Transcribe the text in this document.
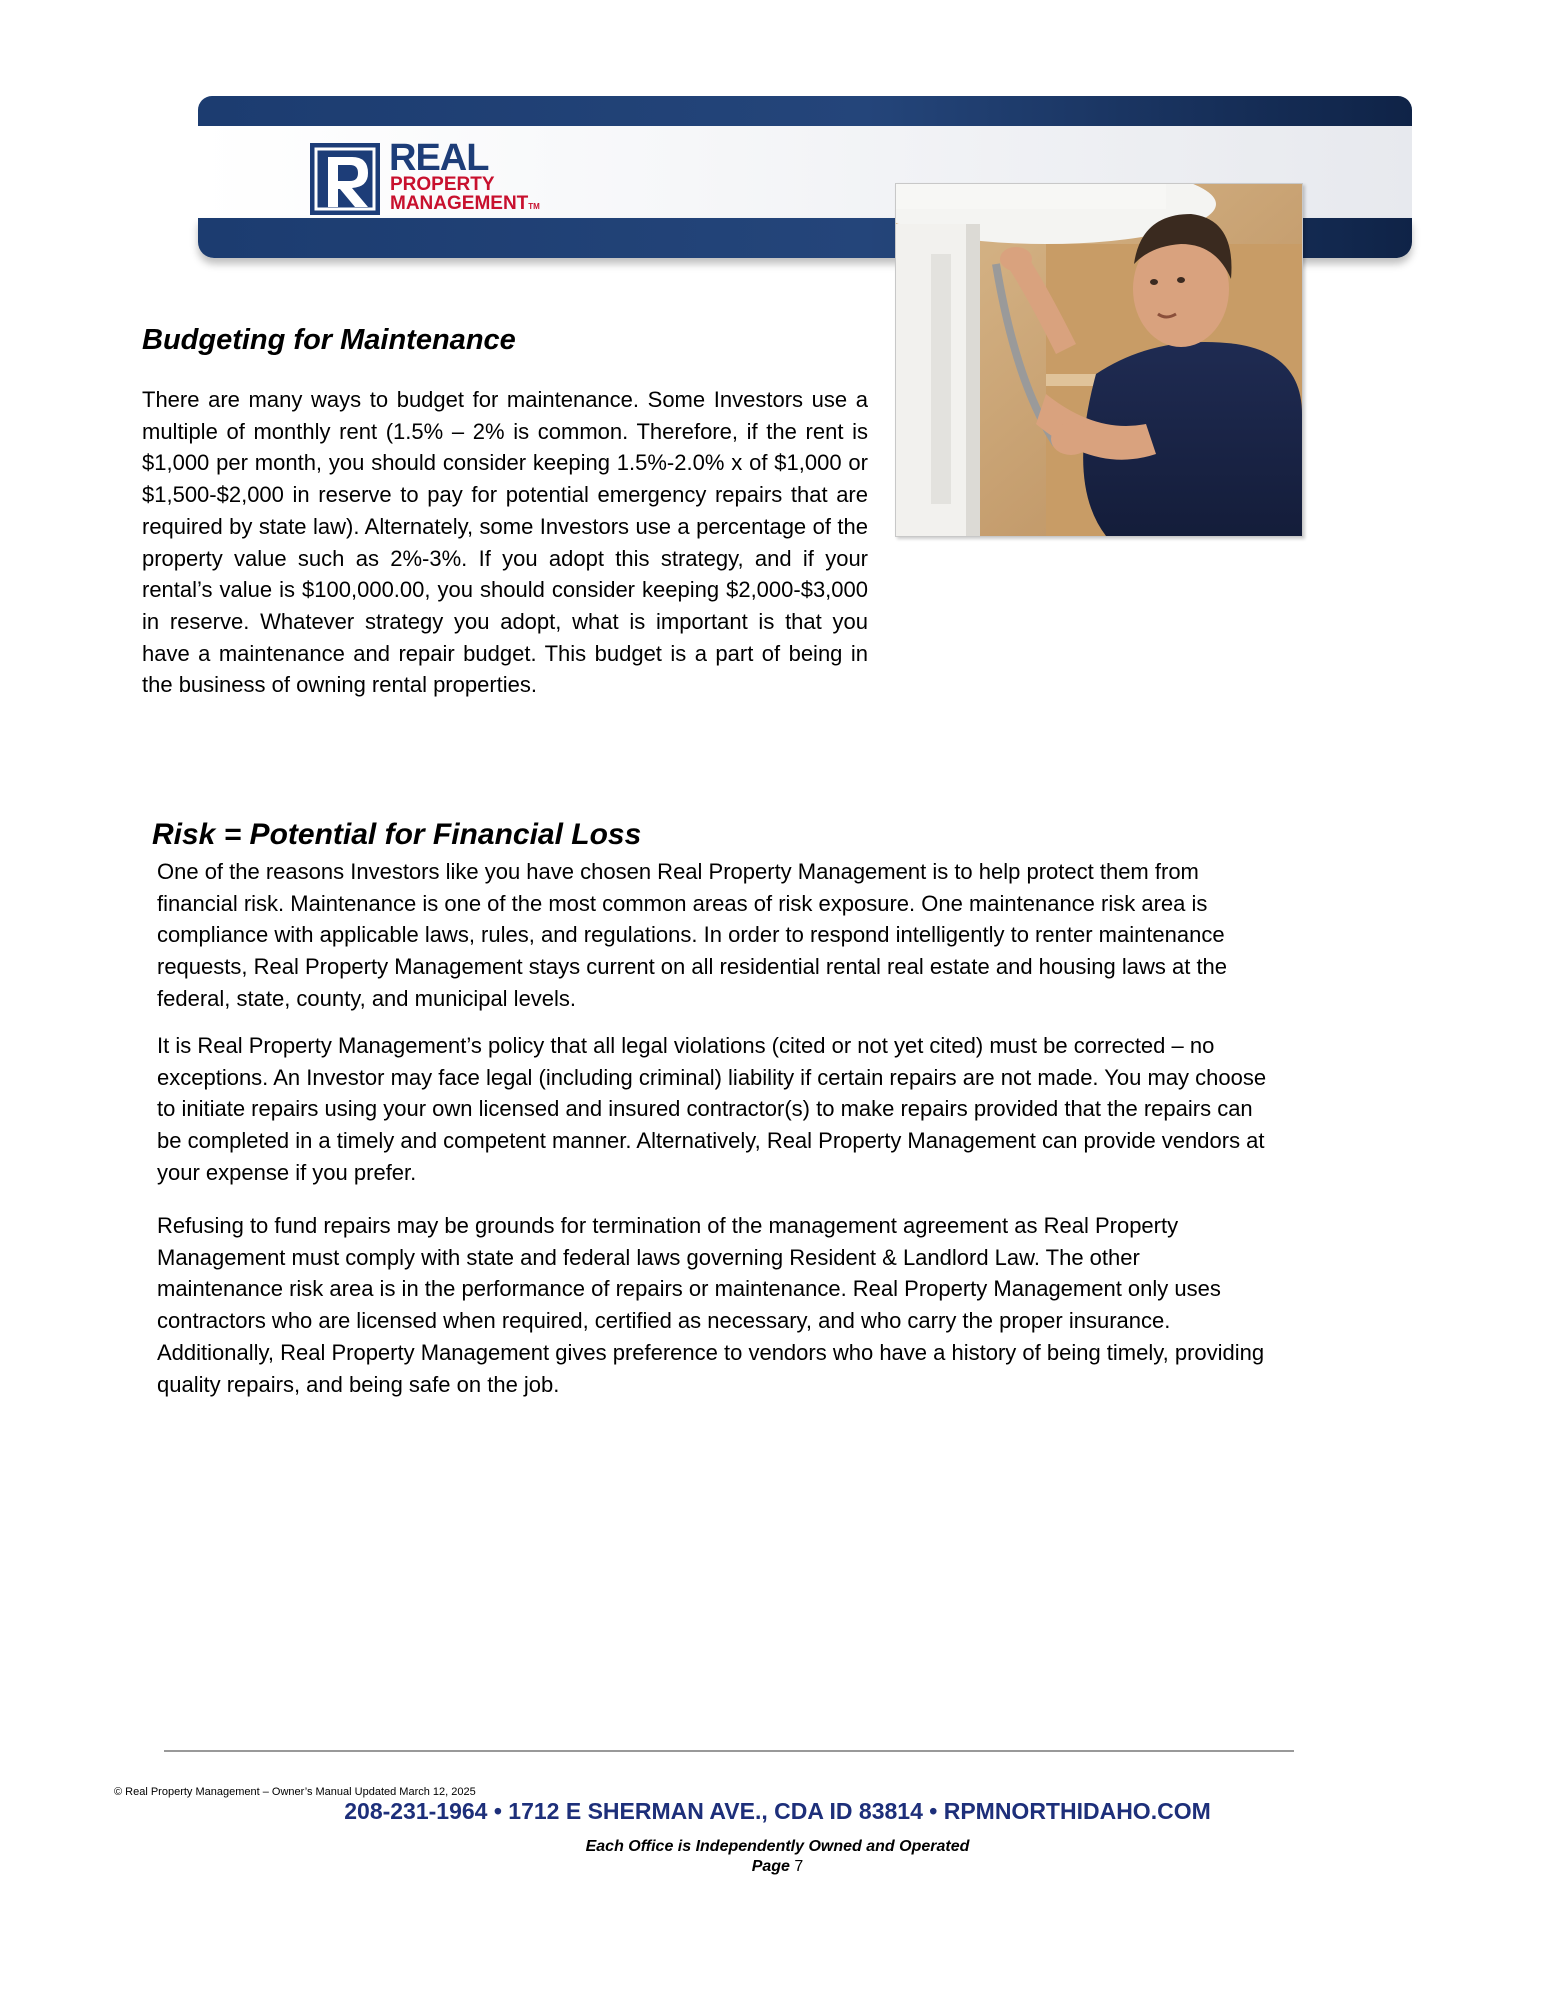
REAL
PROPERTY
MANAGEMENTTM
Budgeting for Maintenance

There are many ways to budget for maintenance. Some Investors use a multiple of monthly rent (1.5% – 2% is common. Therefore, if the rent is $1,000 per month, you should consider keeping 1.5%-2.0% x of $1,000 or $1,500-$2,000 in reserve to pay for potential emergency repairs that are required by state law). Alternately, some Investors use a percentage of the property value such as 2%-3%. If you adopt this strategy, and if your rental’s value is $100,000.00, you should consider keeping $2,000-$3,000 in reserve. Whatever strategy you adopt, what is important is that you have a maintenance and repair budget. This budget is a part of being in the business of owning rental properties.

Risk = Potential for Financial Loss

One of the reasons Investors like you have chosen Real Property Management is to help protect them from financial risk. Maintenance is one of the most common areas of risk exposure. One maintenance risk area is compliance with applicable laws, rules, and regulations. In order to respond intelligently to renter maintenance requests, Real Property Management stays current on all residential rental real estate and housing laws at the federal, state, county, and municipal levels.

It is Real Property Management’s policy that all legal violations (cited or not yet cited) must be corrected – no exceptions. An Investor may face legal (including criminal) liability if certain repairs are not made. You may choose to initiate repairs using your own licensed and insured contractor(s) to make repairs provided that the repairs can be completed in a timely and competent manner. Alternatively, Real Property Management can provide vendors at your expense if you prefer.

Refusing to fund repairs may be grounds for termination of the management agreement as Real Property Management must comply with state and federal laws governing Resident & Landlord Law. The other maintenance risk area is in the performance of repairs or maintenance. Real Property Management only uses contractors who are licensed when required, certified as necessary, and who carry the proper insurance. Additionally, Real Property Management gives preference to vendors who have a history of being timely, providing quality repairs, and being safe on the job.

© Real Property Management – Owner’s Manual Updated March 12, 2025
208-231-1964 • 1712 E SHERMAN AVE., CDA ID 83814 • RPMNORTHIDAHO.COM
Each Office is Independently Owned and Operated
Page 7
